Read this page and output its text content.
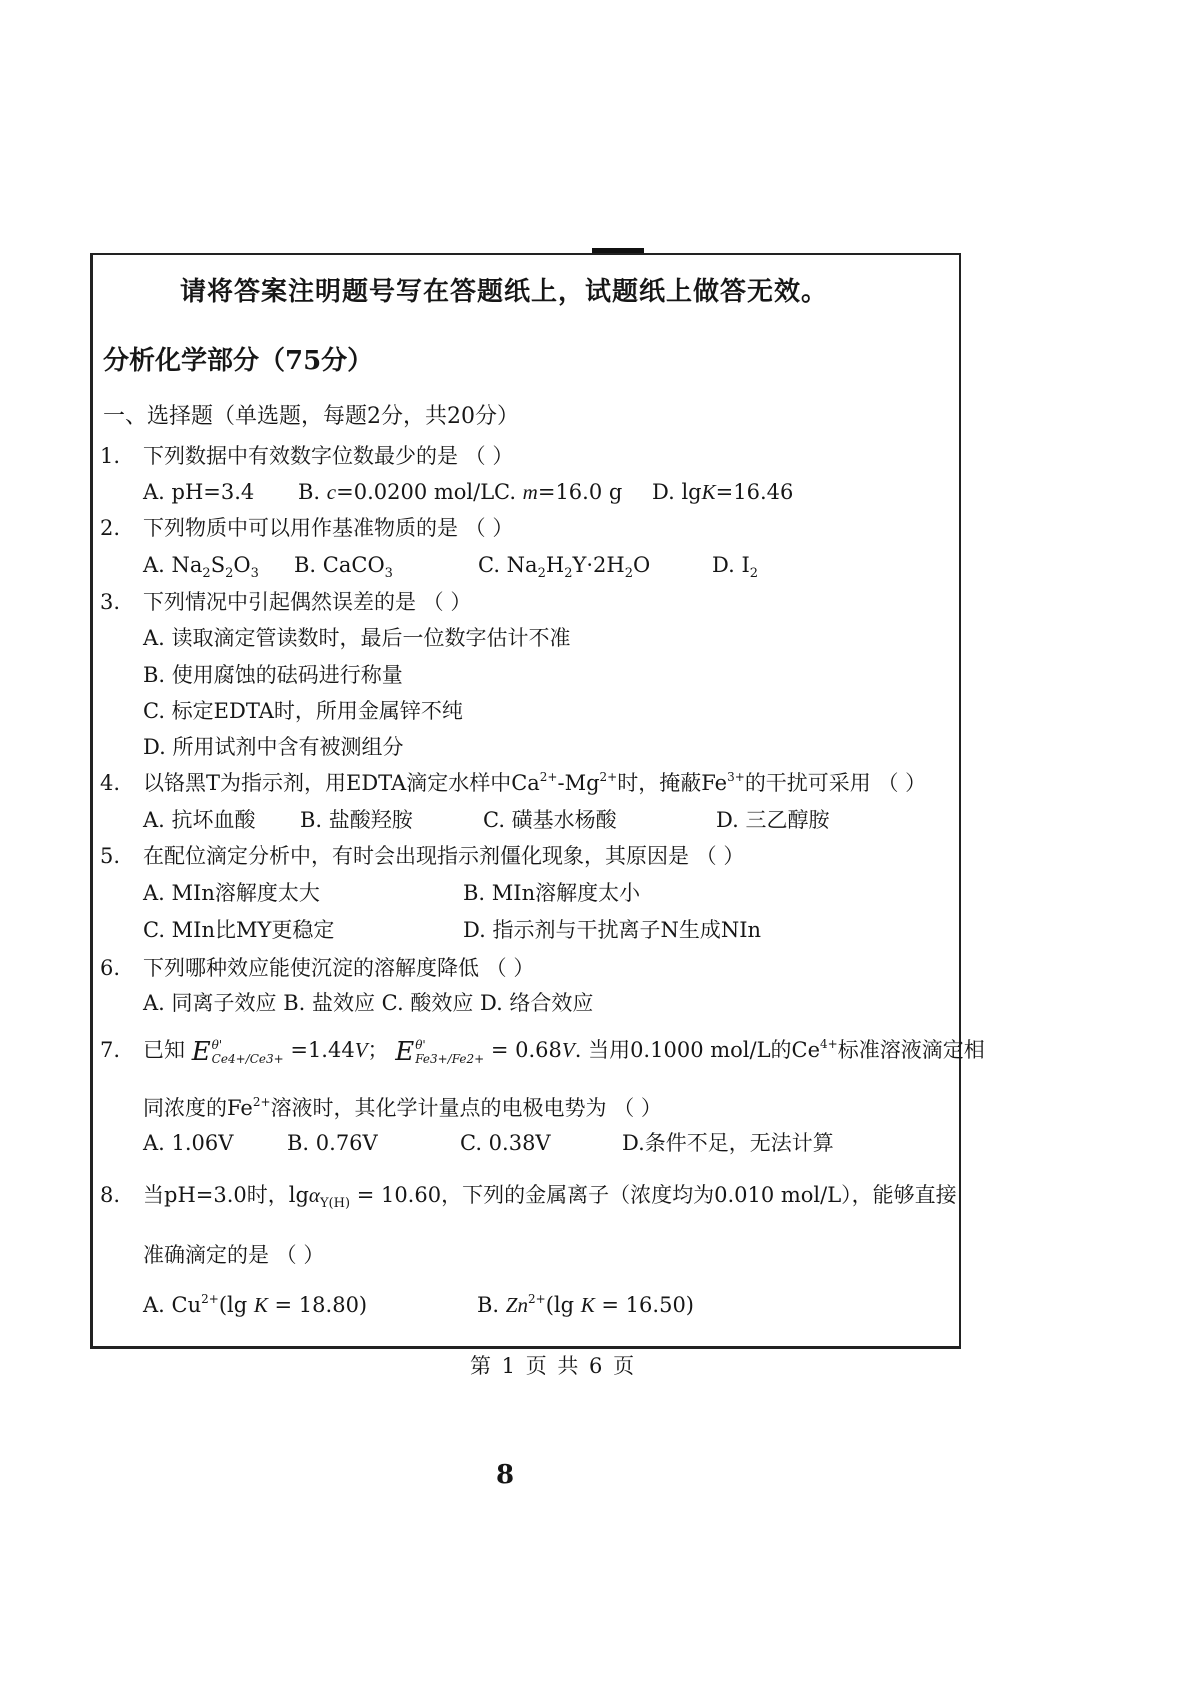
请将答案注明题号写在答题纸上，试题纸上做答无效。
分析化学部分（75分）
一、选择题（单选题，每题2分，共20分）
1. 下列数据中有效数字位数最少的是 （ ）
A. pH=3.4 B. c=0.0200 mol/L C. m=16.0 g D. lgK=16.46
2. 下列物质中可以用作基准物质的是 （ ）
A. $Na_2S_2O_3$ B. CaCO$_3$	C. $Na_2H_2Y\cdot 2H_2O$	D. $I_2$
3. 下列情况中引起偶然误差的是 （ ）
A. 读取滴定管读数时，最后一位数字估计不准
B. 使用腐蚀的砝码进行称量
C. 标定EDTA时，所用金属锌不纯
D. 所用试剂中含有被测组分
4. 以铬黑T为指示剂，用EDTA滴定水样中$Ca^{2+}-Mg^{2+}$时，掩蔽$Fe^{3+}$的干扰可采用 （ ）
A. 抗坏血酸 B. 盐酸羟胺	C. 磺基水杨酸	D. 三乙醇胺
5. 在配位滴定分析中，有时会出现指示剂僵化现象，其原因是 （ ）
A. MIn溶解度太大	B. MIn溶解度太小
C. MIn比MY更稳定	D. 指示剂与干扰离子N生成NIn
6. 下列哪种效应能使沉淀的溶解度降低 （ ）
A. 同离子效应 B. 盐效应 C. 酸效应 D. 络合效应
7. 已知 E θ'
Ce4+/Ce3+ =1.44V； E θ'
Fe3+/Fe2+ = 0.68V. 当用0.1000 mol/L的$Ce^{4+}$标准溶液滴定相
同浓度的$Fe^{2+}$溶液时，其化学计量点的电极电势为 （ ）
A. 1.06V	B. 0.76V	C. 0.38V	D.条件不足，无法计算
8. 当pH=3.0时，lgα$_{Y(H)}$ = 10.60，下列的金属离子（浓度均为0.010 mol/L），能够直接
准确滴定的是 （ ）
A. $Cu^{2+}(\lg$ K = 18.80)	B. $Zn^{2+}(\lg$ K = 16.50)
第 1 页 共 6 页
8
